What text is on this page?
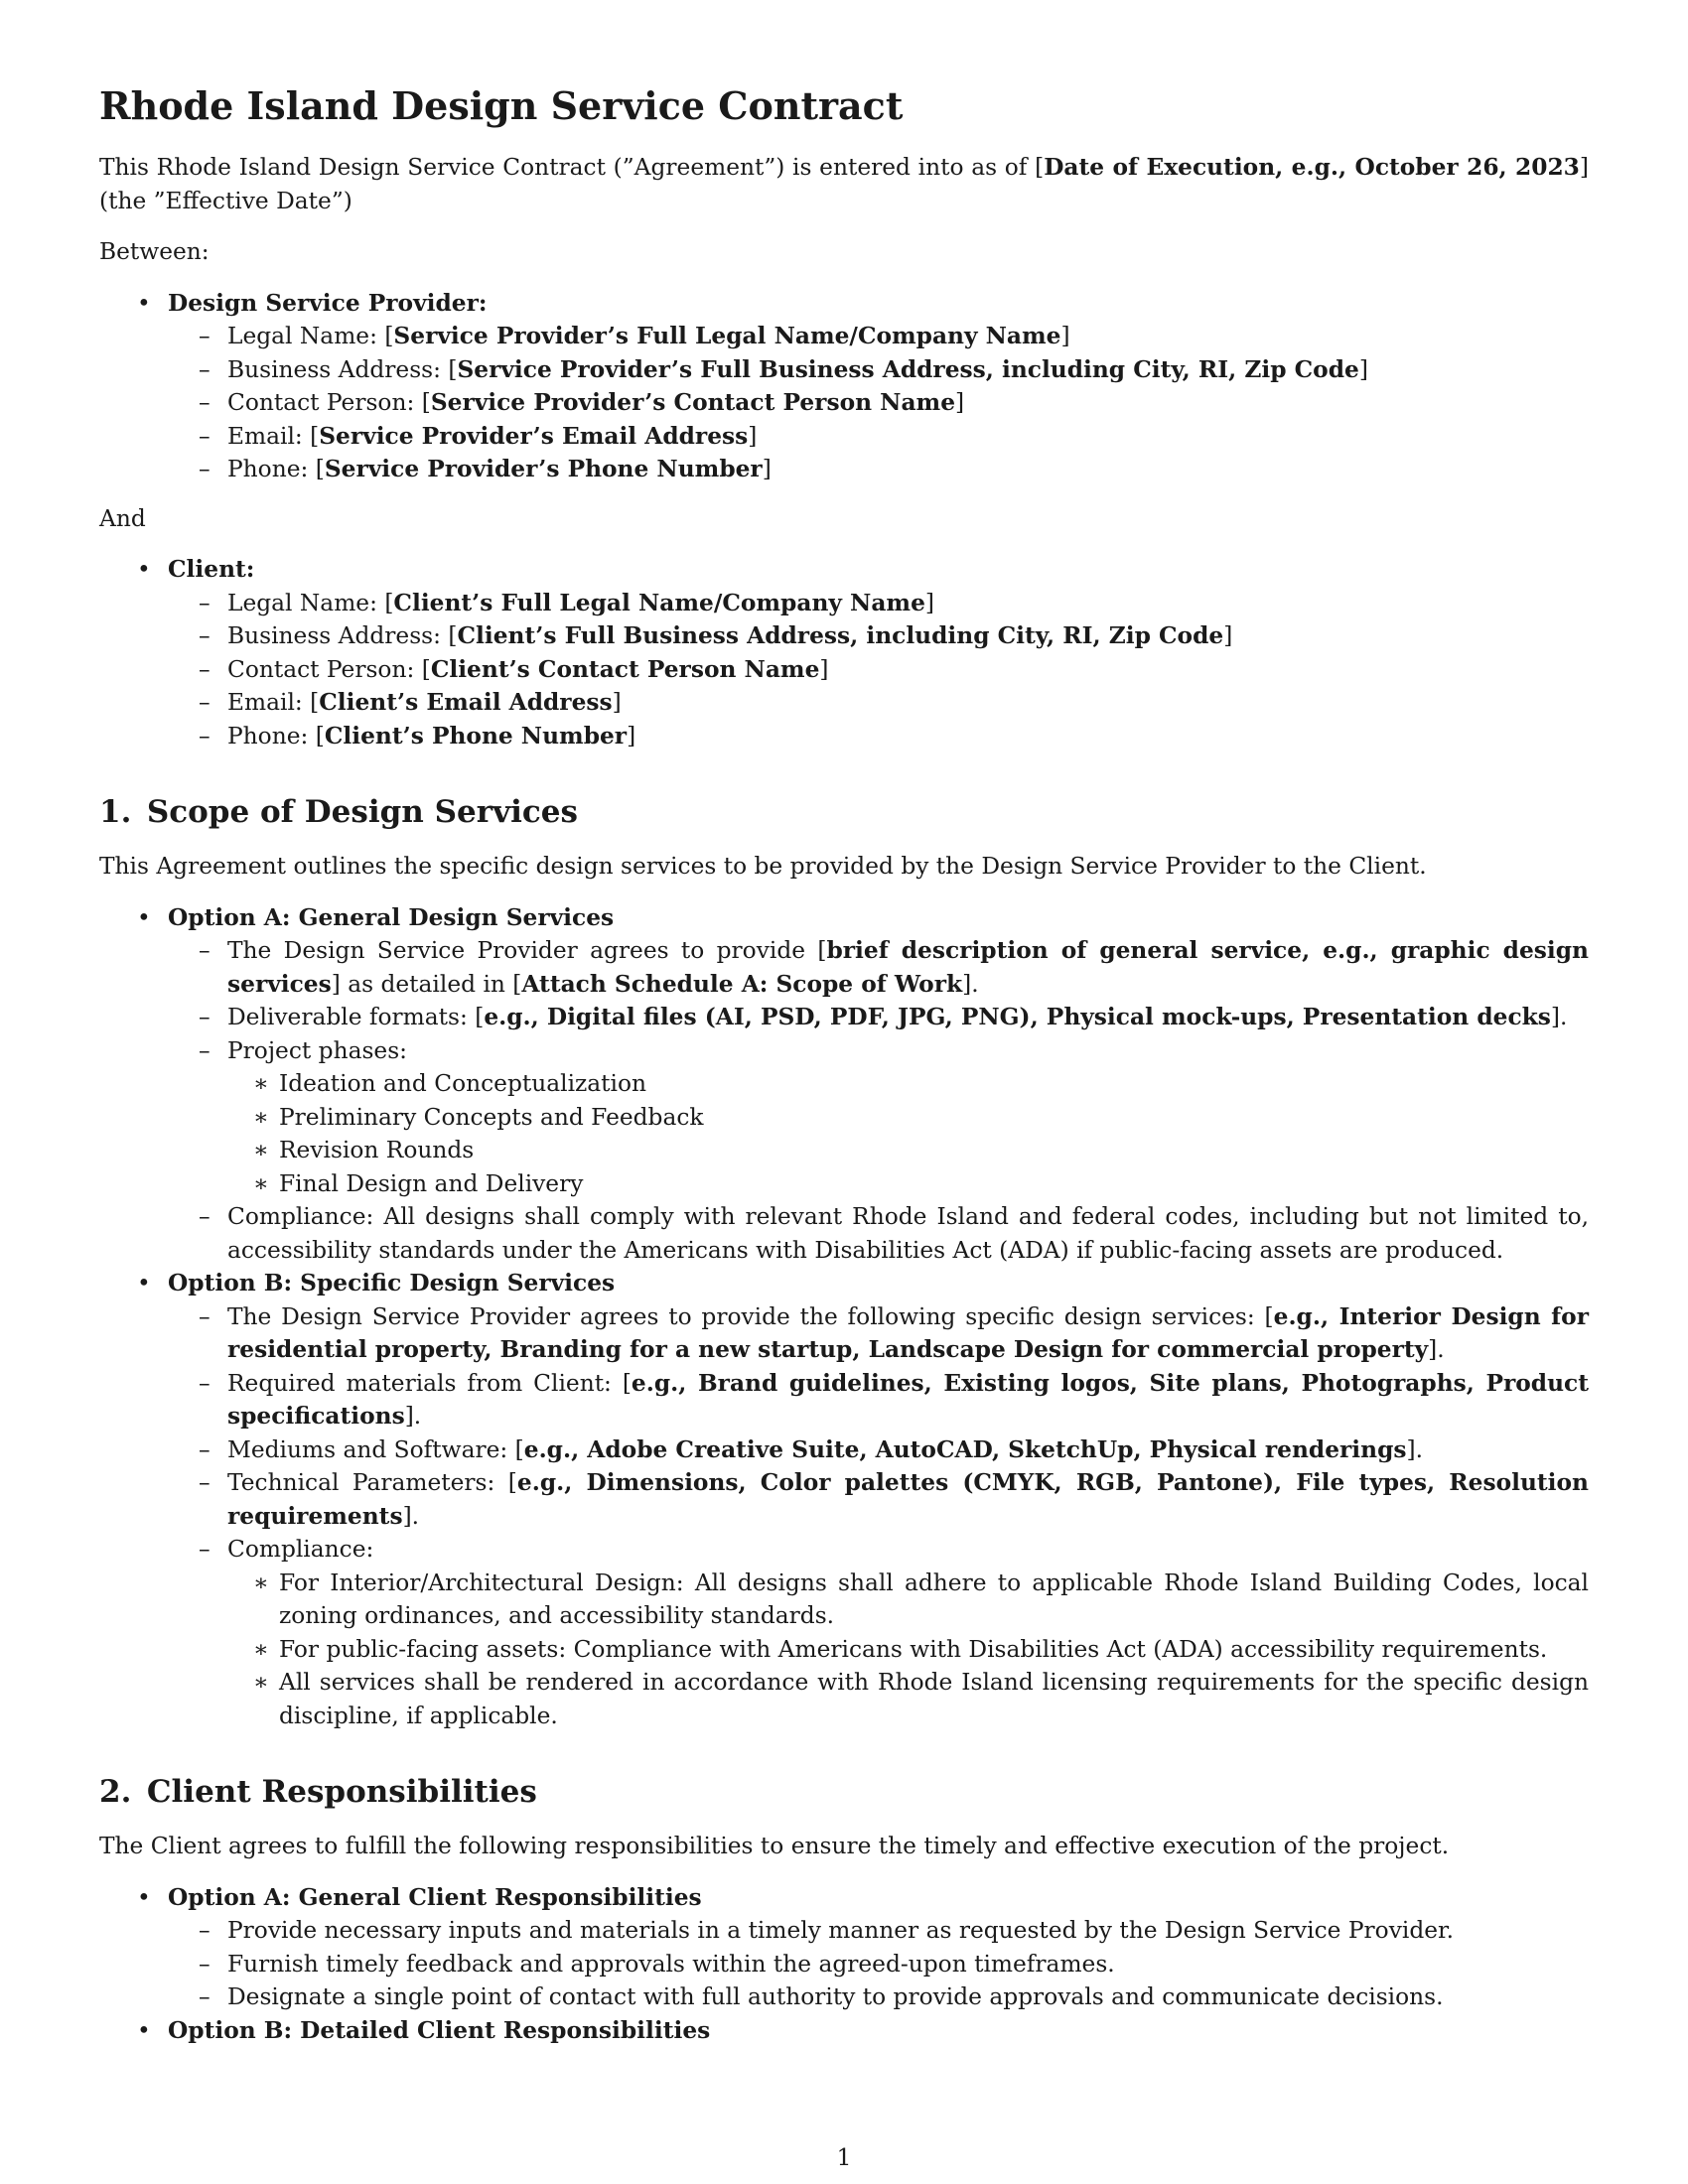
Rhode Island Design Service Contract

This Rhode Island Design Service Contract (”Agreement”) is entered into as of [Date of Execution, e.g., October 26, 2023] (the ”Effective Date”)

Between:

• Design Service Provider:
– Legal Name: [Service Provider’s Full Legal Name/Company Name]
– Business Address: [Service Provider’s Full Business Address, including City, RI, Zip Code]
– Contact Person: [Service Provider’s Contact Person Name]
– Email: [Service Provider’s Email Address]
– Phone: [Service Provider’s Phone Number]

And

• Client:
– Legal Name: [Client’s Full Legal Name/Company Name]
– Business Address: [Client’s Full Business Address, including City, RI, Zip Code]
– Contact Person: [Client’s Contact Person Name]
– Email: [Client’s Email Address]
– Phone: [Client’s Phone Number]
1. Scope of Design Services

This Agreement outlines the specific design services to be provided by the Design Service Provider to the Client.

• Option A: General Design Services
– The Design Service Provider agrees to provide [brief description of general service, e.g., graphic design services] as detailed in [Attach Schedule A: Scope of Work].
– Deliverable formats: [e.g., Digital files (AI, PSD, PDF, JPG, PNG), Physical mock-ups, Presentation decks].
– Project phases:
∗ Ideation and Conceptualization
∗ Preliminary Concepts and Feedback
∗ Revision Rounds
∗ Final Design and Delivery
– Compliance: All designs shall comply with relevant Rhode Island and federal codes, including but not limited to, accessibility standards under the Americans with Disabilities Act (ADA) if public-facing assets are produced.
• Option B: Specific Design Services
– The Design Service Provider agrees to provide the following specific design services: [e.g., Interior Design for residential property, Branding for a new startup, Landscape Design for commercial property].
– Required materials from Client: [e.g., Brand guidelines, Existing logos, Site plans, Photographs, Product specifications].
– Mediums and Software: [e.g., Adobe Creative Suite, AutoCAD, SketchUp, Physical renderings].
– Technical Parameters: [e.g., Dimensions, Color palettes (CMYK, RGB, Pantone), File types, Resolution requirements].
– Compliance:
∗ For Interior/Architectural Design: All designs shall adhere to applicable Rhode Island Building Codes, local zoning ordinances, and accessibility standards.
∗ For public-facing assets: Compliance with Americans with Disabilities Act (ADA) accessibility requirements.
∗ All services shall be rendered in accordance with Rhode Island licensing requirements for the specific design discipline, if applicable.
2. Client Responsibilities

The Client agrees to fulfill the following responsibilities to ensure the timely and effective execution of the project.

• Option A: General Client Responsibilities
– Provide necessary inputs and materials in a timely manner as requested by the Design Service Provider.
– Furnish timely feedback and approvals within the agreed-upon timeframes.
– Designate a single point of contact with full authority to provide approvals and communicate decisions.
• Option B: Detailed Client Responsibilities
1
